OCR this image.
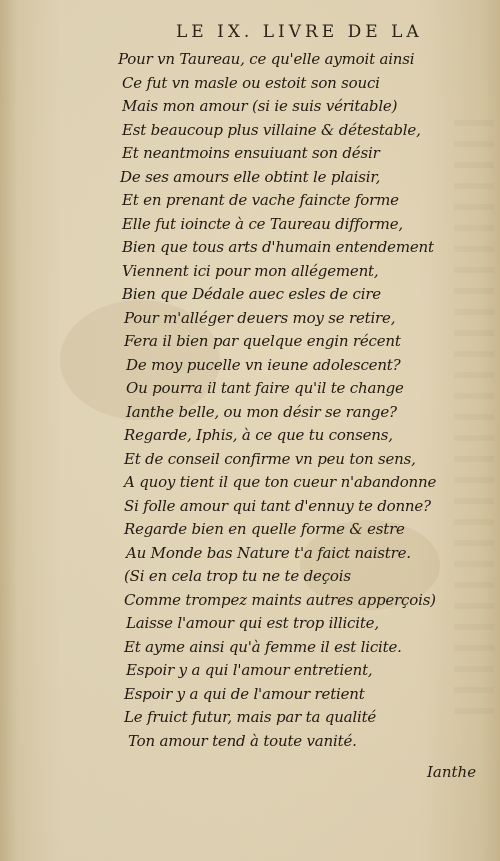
LE IX. LIVRE DE LA
Pour vn Taureau, ce qu'elle aymoit ainsi
Ce fut vn masle ou estoit son souci
Mais mon amour (si ie suis véritable)
Est beaucoup plus villaine & détestable,
Et neantmoins ensuiuant son désir
De ses amours elle obtint le plaisir,
Et en prenant de vache faincte forme
Elle fut ioincte à ce Taureau difforme,
Bien que tous arts d'humain entendement
Viennent ici pour mon allégement,
Bien que Dédale auec esles de cire
Pour m'alléger deuers moy se retire,
Fera il bien par quelque engin récent
De moy pucelle vn ieune adolescent?
Ou pourra il tant faire qu'il te change
Ianthe belle, ou mon désir se range?
Regarde, Iphis, à ce que tu consens,
Et de conseil confirme vn peu ton sens,
A quoy tient il que ton cueur n'abandonne
Si folle amour qui tant d'ennuy te donne?
Regarde bien en quelle forme & estre
Au Monde bas Nature t'a faict naistre.
(Si en cela trop tu ne te deçois
Comme trompez maints autres apperçois)
Laisse l'amour qui est trop illicite,
Et ayme ainsi qu'à femme il est licite.
Espoir y a qui l'amour entretient,
Espoir y a qui de l'amour retient
Le fruict futur, mais par ta qualité
Ton amour tend à toute vanité.
Ianthe
